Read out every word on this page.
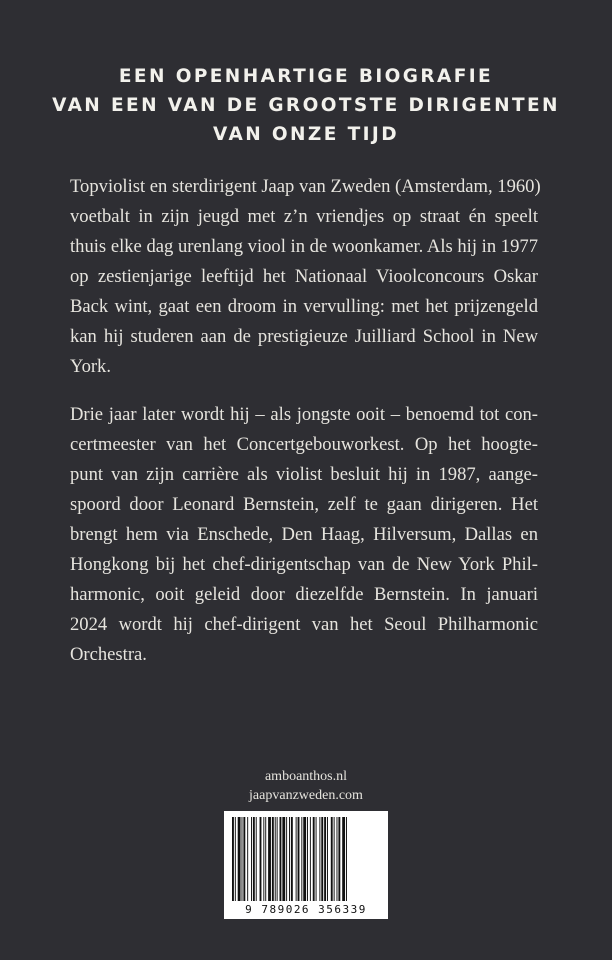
EEN OPENHARTIGE BIOGRAFIE
VAN EEN VAN DE GROOTSTE DIRIGENTEN
VAN ONZE TIJD
Topviolist en sterdirigent Jaap van Zweden (Amsterdam, 1960)
voetbalt in zijn jeugd met z’n vriendjes op straat én speelt
thuis elke dag urenlang viool in de woonkamer. Als hij in 1977
op zestienjarige leeftijd het Nationaal Vioolconcours Oskar
Back wint, gaat een droom in vervulling: met het prijzengeld
kan hij studeren aan de prestigieuze Juilliard School in New
York.
Drie jaar later wordt hij – als jongste ooit – benoemd tot con-
certmeester van het Concertgebouworkest. Op het hoogte-
punt van zijn carrière als violist besluit hij in 1987, aange-
spoord door Leonard Bernstein, zelf te gaan dirigeren. Het
brengt hem via Enschede, Den Haag, Hilversum, Dallas en
Hongkong bij het chef-dirigentschap van de New York Phil-
harmonic, ooit geleid door diezelfde Bernstein. In januari
2024 wordt hij chef-dirigent van het Seoul Philharmonic
Orchestra.
amboanthos.nl
jaapvanzweden.com
9 789026 356339
